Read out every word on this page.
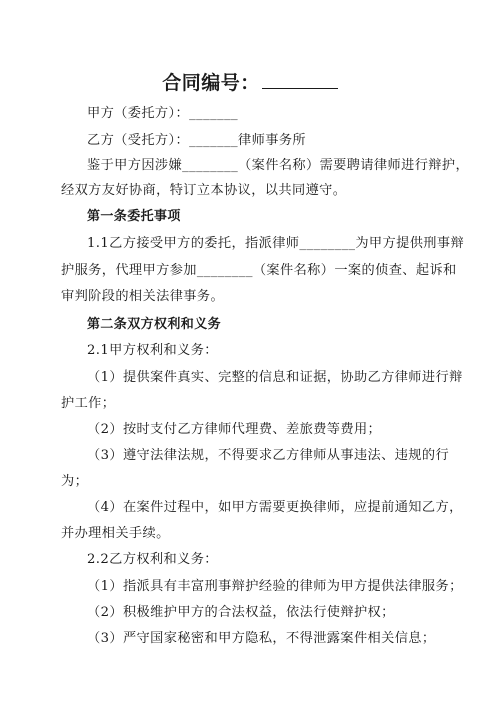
合同编号：
甲方（委托方）：_______
乙方（受托方）：_______律师事务所
鉴于甲方因涉嫌________（案件名称）需要聘请律师进行辩护，
经双方友好协商，特订立本协议，以共同遵守。
第一条委托事项
1.1乙方接受甲方的委托，指派律师________为甲方提供刑事辩
护服务，代理甲方参加________（案件名称）一案的侦查、起诉和
审判阶段的相关法律事务。
第二条双方权利和义务
2.1甲方权利和义务：
（1）提供案件真实、完整的信息和证据，协助乙方律师进行辩
护工作；
（2）按时支付乙方律师代理费、差旅费等费用；
（3）遵守法律法规，不得要求乙方律师从事违法、违规的行
为；
（4）在案件过程中，如甲方需要更换律师，应提前通知乙方，
并办理相关手续。
2.2乙方权利和义务：
（1）指派具有丰富刑事辩护经验的律师为甲方提供法律服务；
（2）积极维护甲方的合法权益，依法行使辩护权；
（3）严守国家秘密和甲方隐私，不得泄露案件相关信息；
